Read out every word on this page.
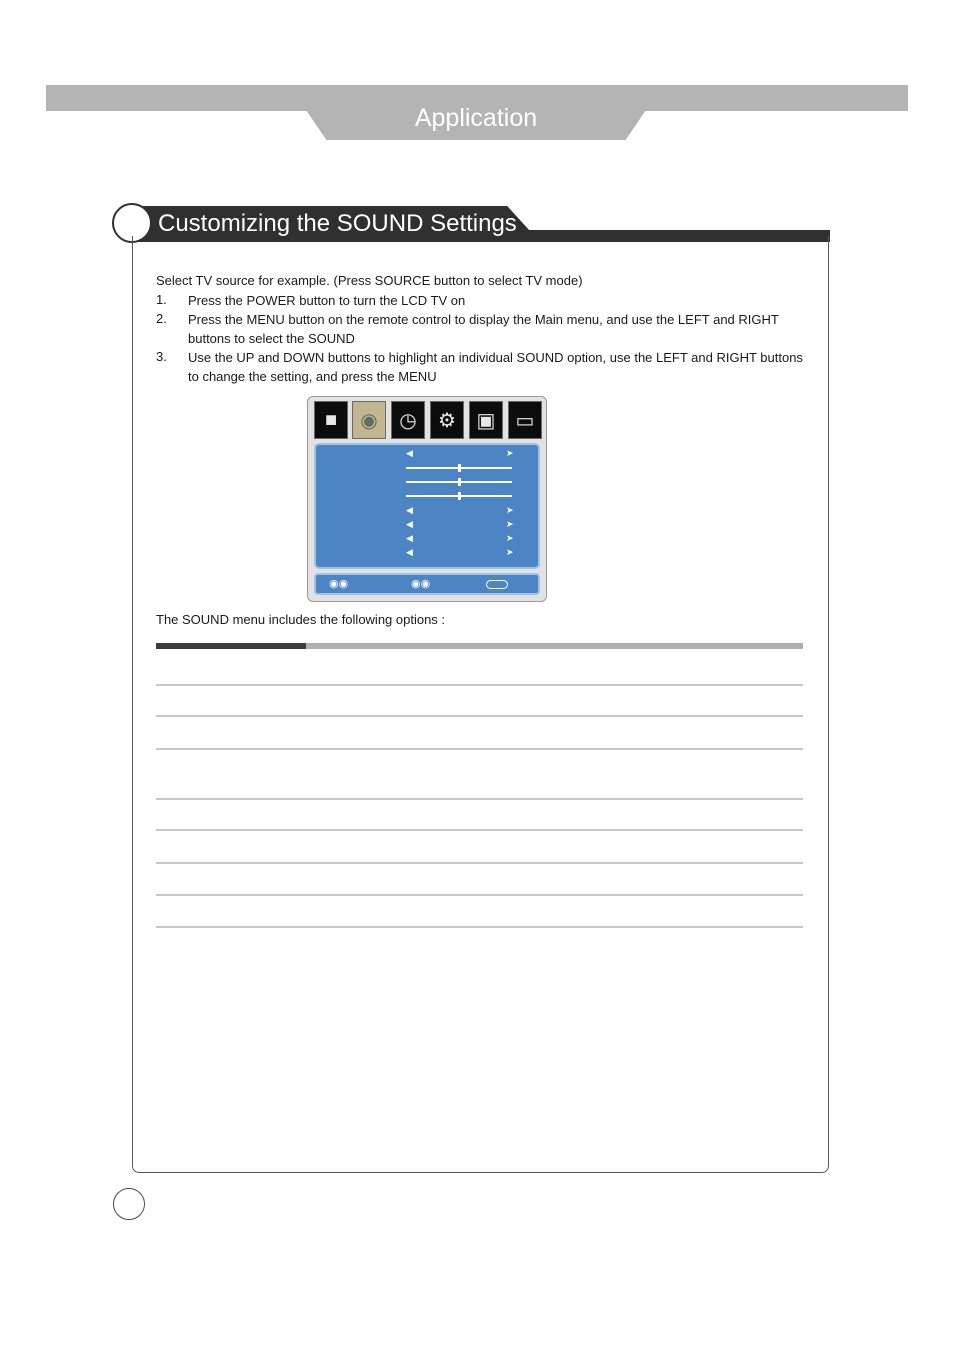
Application
Customizing the SOUND Settings
Select TV source for example. (Press SOURCE button to select TV mode)
1. Press the POWER button to turn the LCD TV on
2. Press the MENU button on the remote control to display the Main menu, and use the LEFT and RIGHT buttons to select the SOUND
3. Use the UP and DOWN buttons to highlight an individual SOUND option, use the LEFT and RIGHT buttons to change the setting, and press the MENU
■	◉	◷	⚙	▣	▭
◀	➤
◀	➤
◀	➤
◀	➤
◀	➤
◉◉	◉◉
The SOUND menu includes the following options :
